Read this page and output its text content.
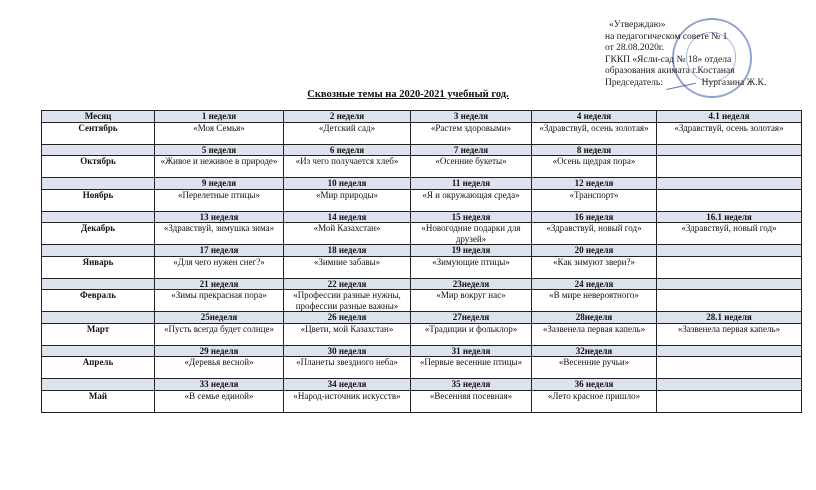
«Утверждаю»
на педагогическом совете № 1
от 28.08.2020г.
ГККП «Ясли-сад № 18» отдела
образования акимата г.Костаная
Председатель:	Нургазина Ж.К.
Сквозные темы на 2020-2021 учебный год.
Месяц	1 неделя	2 неделя	3 неделя	4 неделя	4.1 неделя
Сентябрь	«Моя Семья»	«Детский сад»	«Растем здоровыми»	«Здравствуй, осень золотая»	«Здравствуй, осень золотая»
	5 неделя	6 неделя	7 неделя	8 неделя	
Октябрь	«Живое и неживое в природе»	«Из чего получается хлеб»	«Осенние букеты»	«Осень щедрая пора»	
	9 неделя	10 неделя	11 неделя	12 неделя	
Ноябрь	«Перелетные птицы»	«Мир природы»	«Я и окружающая среда»	«Транспорт»	
	13 неделя	14 неделя	15 неделя	16 неделя	16.1 неделя
Декабрь	«Здравствуй, зимушка зима»	«Мой Казахстан»	«Новогодние подарки для друзей»	«Здравствуй, новый год»	«Здравствуй, новый год»
	17 неделя	18 неделя	19 неделя	20 неделя	
Январь	«Для чего нужен снег?»	«Зимние забавы»	«Зимующие птицы»	«Как зимуют звери?»	
	21 неделя	22 неделя	23неделя	24 неделя	
Февраль	«Зимы прекрасная пора»	«Профессии разные нужны, профессии разные важны»	«Мир вокруг нас»	«В мире невероятного»	
	25неделя	26 неделя	27неделя	28неделя	28.1 неделя
Март	«Пусть всегда будет солнце»	«Цвети, мой Казахстан»	«Традиции и фольклор»	«Зазвенела первая капель»	«Зазвенела первая капель»
	29 неделя	30 неделя	31 неделя	32неделя	
Апрель	«Деревья весной»	«Планеты звездного неба»	«Первые весенние птицы»	«Весенние ручьи»	
	33 неделя	34 неделя	35 неделя	36 неделя	
Май	«В семье единой»	«Народ-источник искусств»	«Весенняя посевная»	«Лето красное пришло»	
